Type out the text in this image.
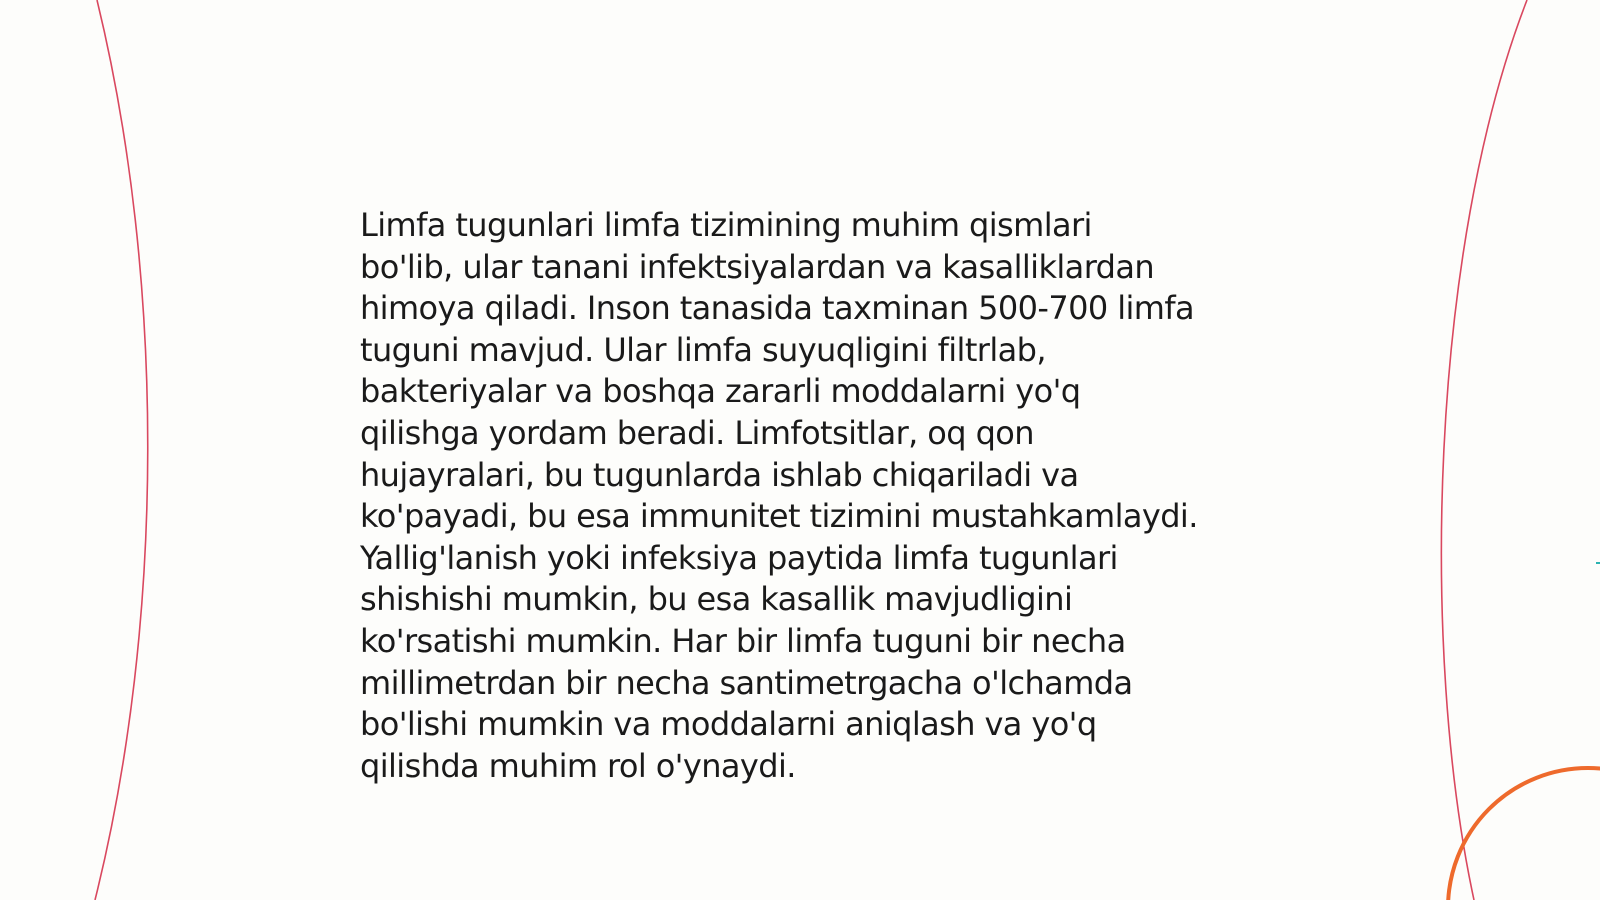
Limfa tugunlari limfa tizimining muhim qismlari
bo'lib, ular tanani infektsiyalardan va kasalliklardan
himoya qiladi. Inson tanasida taxminan 500-700 limfa
tuguni mavjud. Ular limfa suyuqligini filtrlab,
bakteriyalar va boshqa zararli moddalarni yo'q
qilishga yordam beradi. Limfotsitlar, oq qon
hujayralari, bu tugunlarda ishlab chiqariladi va
ko'payadi, bu esa immunitet tizimini mustahkamlaydi.
Yallig'lanish yoki infeksiya paytida limfa tugunlari
shishishi mumkin, bu esa kasallik mavjudligini
ko'rsatishi mumkin. Har bir limfa tuguni bir necha
millimetrdan bir necha santimetrgacha o'lchamda
bo'lishi mumkin va moddalarni aniqlash va yo'q
qilishda muhim rol o'ynaydi.
